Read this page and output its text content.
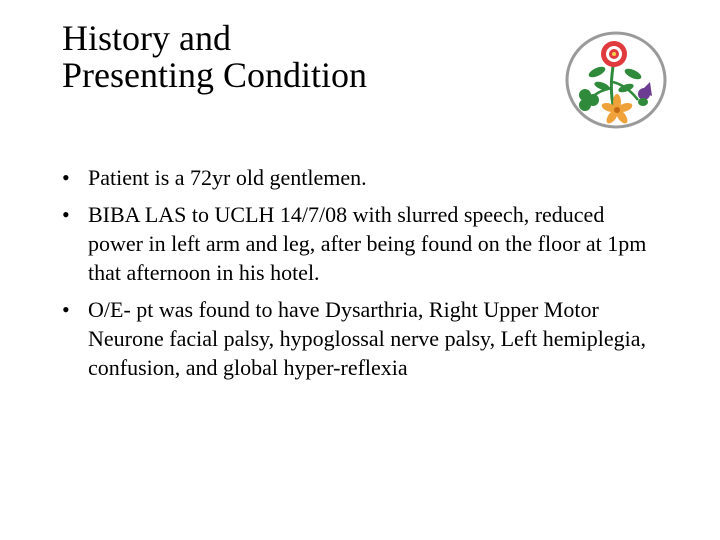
History and
Presenting Condition
• Patient is a 72yr old gentlemen.
• BIBA LAS to UCLH 14/7/08 with slurred speech, reduced power in left arm and leg, after being found on the floor at 1pm that afternoon in his hotel.
• O/E- pt was found to have Dysarthria, Right Upper Motor Neurone facial palsy, hypoglossal nerve palsy, Left hemiplegia, confusion, and global hyper-reflexia
